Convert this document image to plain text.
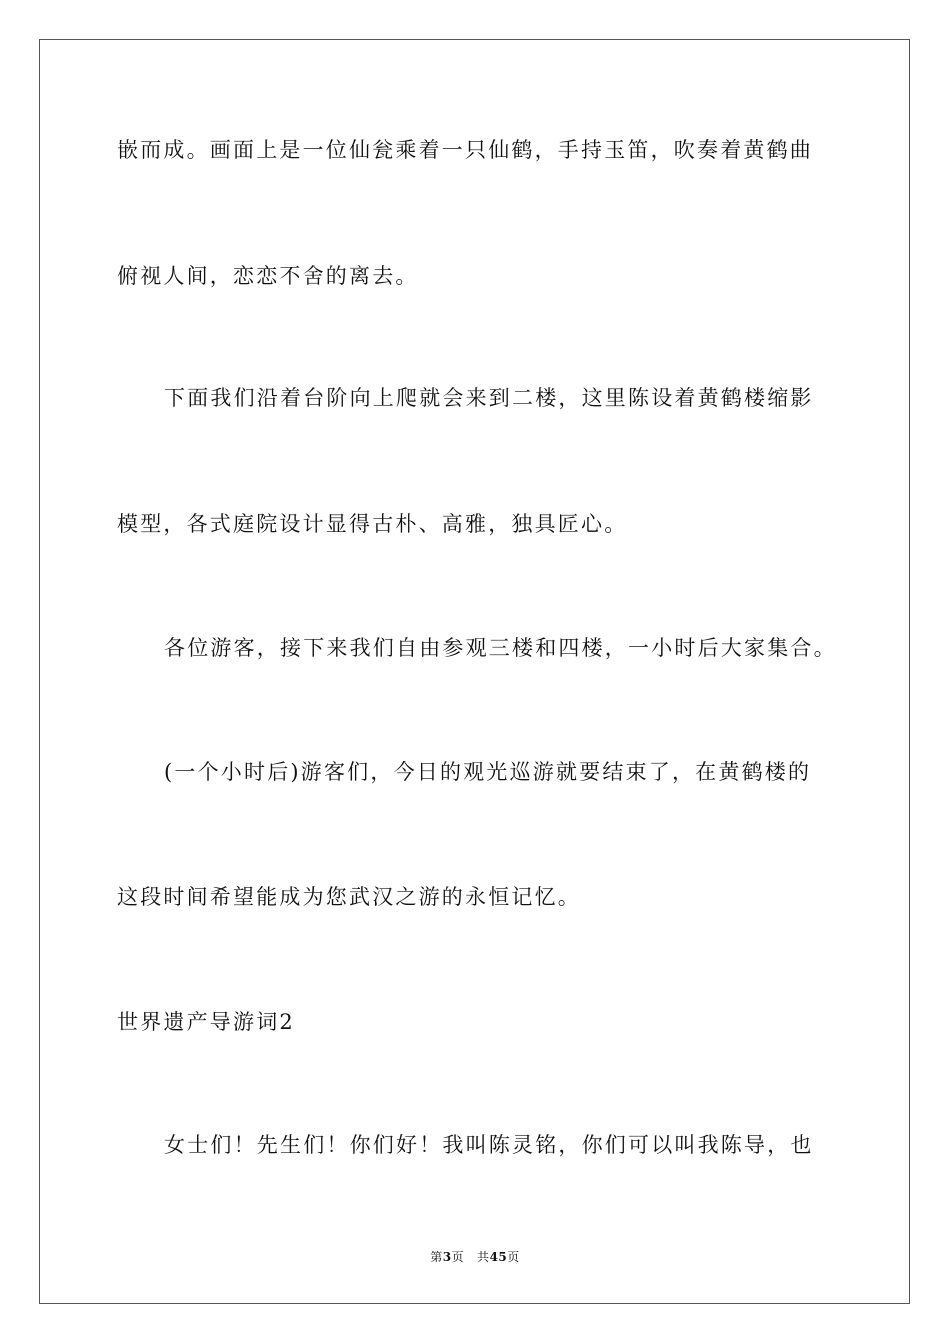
嵌而成。画面上是一位仙瓮乘着一只仙鹤，手持玉笛，吹奏着黄鹤曲
俯视人间，恋恋不舍的离去。
下面我们沿着台阶向上爬就会来到二楼，这里陈设着黄鹤楼缩影
模型，各式庭院设计显得古朴、高雅，独具匠心。
各位游客，接下来我们自由参观三楼和四楼，一小时后大家集合。
(一个小时后)游客们，今日的观光巡游就要结束了，在黄鹤楼的
这段时间希望能成为您武汉之游的永恒记忆。
世界遗产导游词2
女士们！先生们！你们好！我叫陈灵铭，你们可以叫我陈导，也
第3页 共45页
